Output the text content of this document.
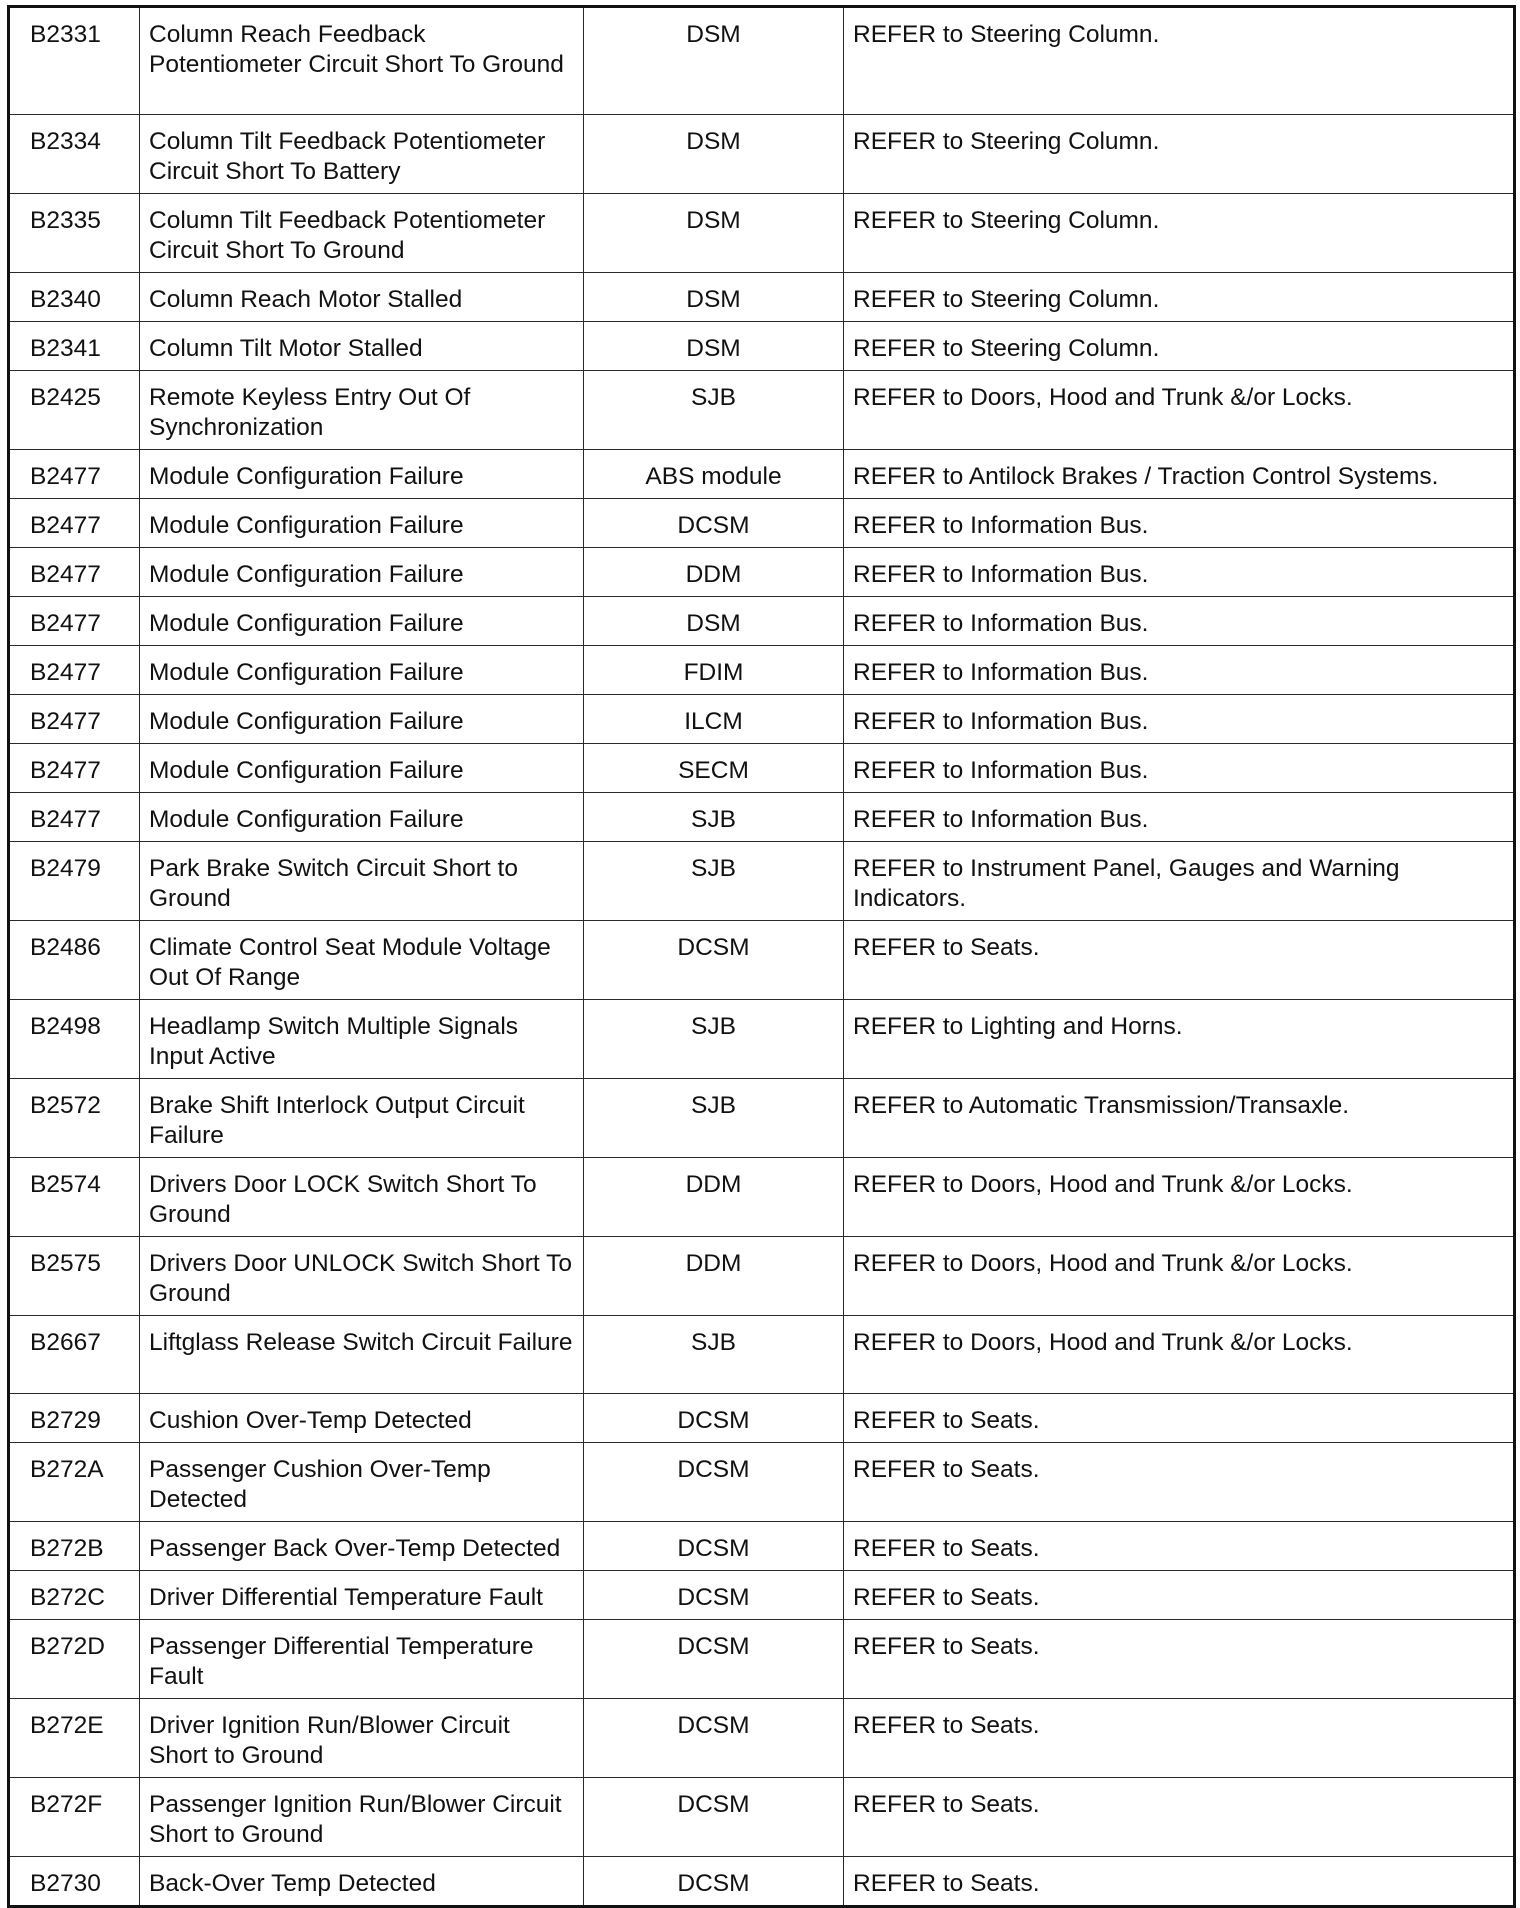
B2331	Column Reach Feedback Potentiometer Circuit Short To Ground	DSM	REFER to Steering Column.
B2334	Column Tilt Feedback Potentiometer Circuit Short To Battery	DSM	REFER to Steering Column.
B2335	Column Tilt Feedback Potentiometer Circuit Short To Ground	DSM	REFER to Steering Column.
B2340	Column Reach Motor Stalled	DSM	REFER to Steering Column.
B2341	Column Tilt Motor Stalled	DSM	REFER to Steering Column.
B2425	Remote Keyless Entry Out Of Synchronization	SJB	REFER to Doors, Hood and Trunk &/or Locks.
B2477	Module Configuration Failure	ABS module	REFER to Antilock Brakes / Traction Control Systems.
B2477	Module Configuration Failure	DCSM	REFER to Information Bus.
B2477	Module Configuration Failure	DDM	REFER to Information Bus.
B2477	Module Configuration Failure	DSM	REFER to Information Bus.
B2477	Module Configuration Failure	FDIM	REFER to Information Bus.
B2477	Module Configuration Failure	ILCM	REFER to Information Bus.
B2477	Module Configuration Failure	SECM	REFER to Information Bus.
B2477	Module Configuration Failure	SJB	REFER to Information Bus.
B2479	Park Brake Switch Circuit Short to Ground	SJB	REFER to Instrument Panel, Gauges and Warning Indicators.
B2486	Climate Control Seat Module Voltage Out Of Range	DCSM	REFER to Seats.
B2498	Headlamp Switch Multiple Signals Input Active	SJB	REFER to Lighting and Horns.
B2572	Brake Shift Interlock Output Circuit Failure	SJB	REFER to Automatic Transmission/Transaxle.
B2574	Drivers Door LOCK Switch Short To Ground	DDM	REFER to Doors, Hood and Trunk &/or Locks.
B2575	Drivers Door UNLOCK Switch Short To Ground	DDM	REFER to Doors, Hood and Trunk &/or Locks.
B2667	Liftglass Release Switch Circuit Failure	SJB	REFER to Doors, Hood and Trunk &/or Locks.
B2729	Cushion Over-Temp Detected	DCSM	REFER to Seats.
B272A	Passenger Cushion Over-Temp Detected	DCSM	REFER to Seats.
B272B	Passenger Back Over-Temp Detected	DCSM	REFER to Seats.
B272C	Driver Differential Temperature Fault	DCSM	REFER to Seats.
B272D	Passenger Differential Temperature Fault	DCSM	REFER to Seats.
B272E	Driver Ignition Run/Blower Circuit Short to Ground	DCSM	REFER to Seats.
B272F	Passenger Ignition Run/Blower Circuit Short to Ground	DCSM	REFER to Seats.
B2730	Back-Over Temp Detected	DCSM	REFER to Seats.
